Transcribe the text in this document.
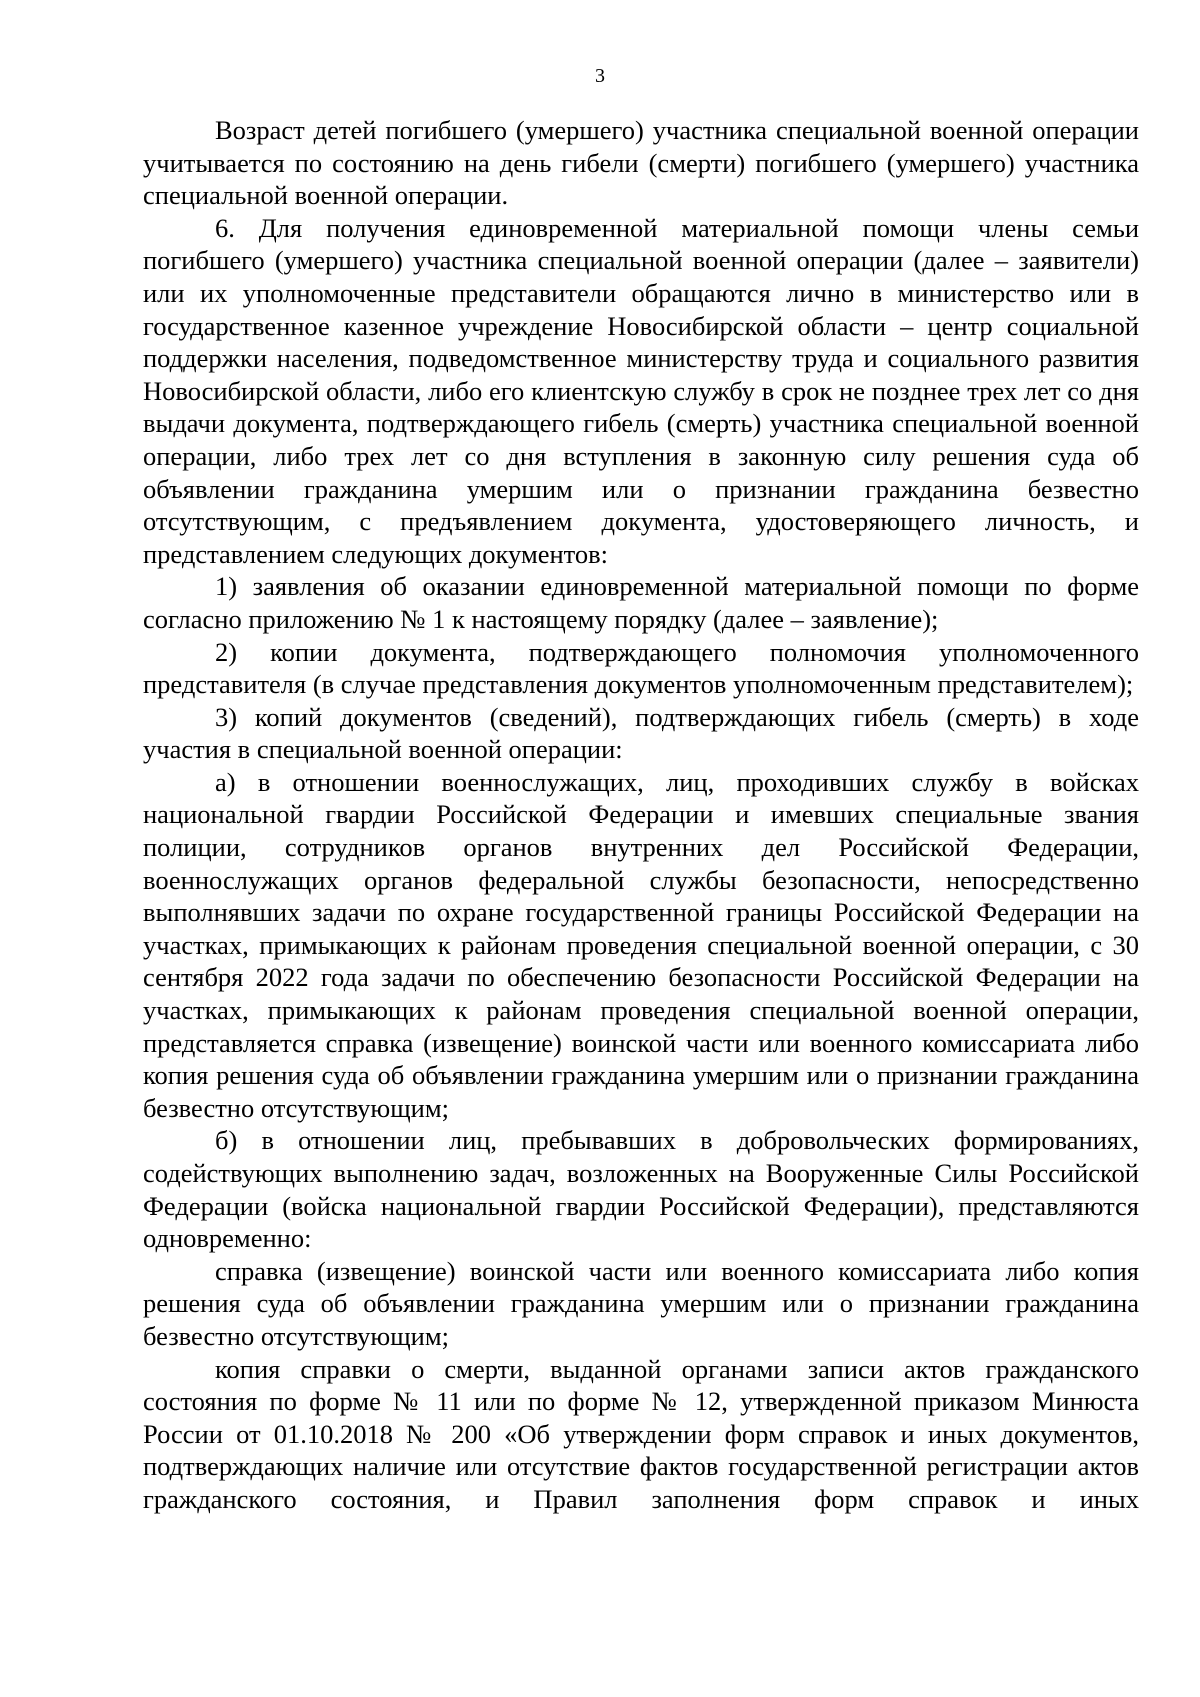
3

Возраст детей погибшего (умершего) участника специальной военной операции учитывается по состоянию на день гибели (смерти) погибшего (умершего) участника специальной военной операции.

6. Для получения единовременной материальной помощи члены семьи погибшего (умершего) участника специальной военной операции (далее – заявители) или их уполномоченные представители обращаются лично в министерство или в государственное казенное учреждение Новосибирской области – центр социальной поддержки населения, подведомственное министерству труда и социального развития Новосибирской области, либо его клиентскую службу в срок не позднее трех лет со дня выдачи документа, подтверждающего гибель (смерть) участника специальной военной операции, либо трех лет со дня вступления в законную силу решения суда об объявлении гражданина умершим или о признании гражданина безвестно отсутствующим, с предъявлением документа, удостоверяющего личность, и представлением следующих документов:

1) заявления об оказании единовременной материальной помощи по форме согласно приложению № 1 к настоящему порядку (далее – заявление);

2) копии документа, подтверждающего полномочия уполномоченного представителя (в случае представления документов уполномоченным представителем);

3) копий документов (сведений), подтверждающих гибель (смерть) в ходе участия в специальной военной операции:

а) в отношении военнослужащих, лиц, проходивших службу в войсках национальной гвардии Российской Федерации и имевших специальные звания полиции, сотрудников органов внутренних дел Российской Федерации, военнослужащих органов федеральной службы безопасности, непосредственно выполнявших задачи по охране государственной границы Российской Федерации на участках, примыкающих к районам проведения специальной военной операции, с 30 сентября 2022 года задачи по обеспечению безопасности Российской Федерации на участках, примыкающих к районам проведения специальной военной операции, представляется справка (извещение) воинской части или военного комиссариата либо копия решения суда об объявлении гражданина умершим или о признании гражданина безвестно отсутствующим;

б) в отношении лиц, пребывавших в добровольческих формированиях, содействующих выполнению задач, возложенных на Вооруженные Силы Российской Федерации (войска национальной гвардии Российской Федерации), представляются одновременно:

справка (извещение) воинской части или военного комиссариата либо копия решения суда об объявлении гражданина умершим или о признании гражданина безвестно отсутствующим;

копия справки о смерти, выданной органами записи актов гражданского состояния по форме № 11 или по форме № 12, утвержденной приказом Минюста России от 01.10.2018 № 200 «Об утверждении форм справок и иных документов, подтверждающих наличие или отсутствие фактов государственной регистрации актов гражданского состояния, и Правил заполнения форм справок и иных
